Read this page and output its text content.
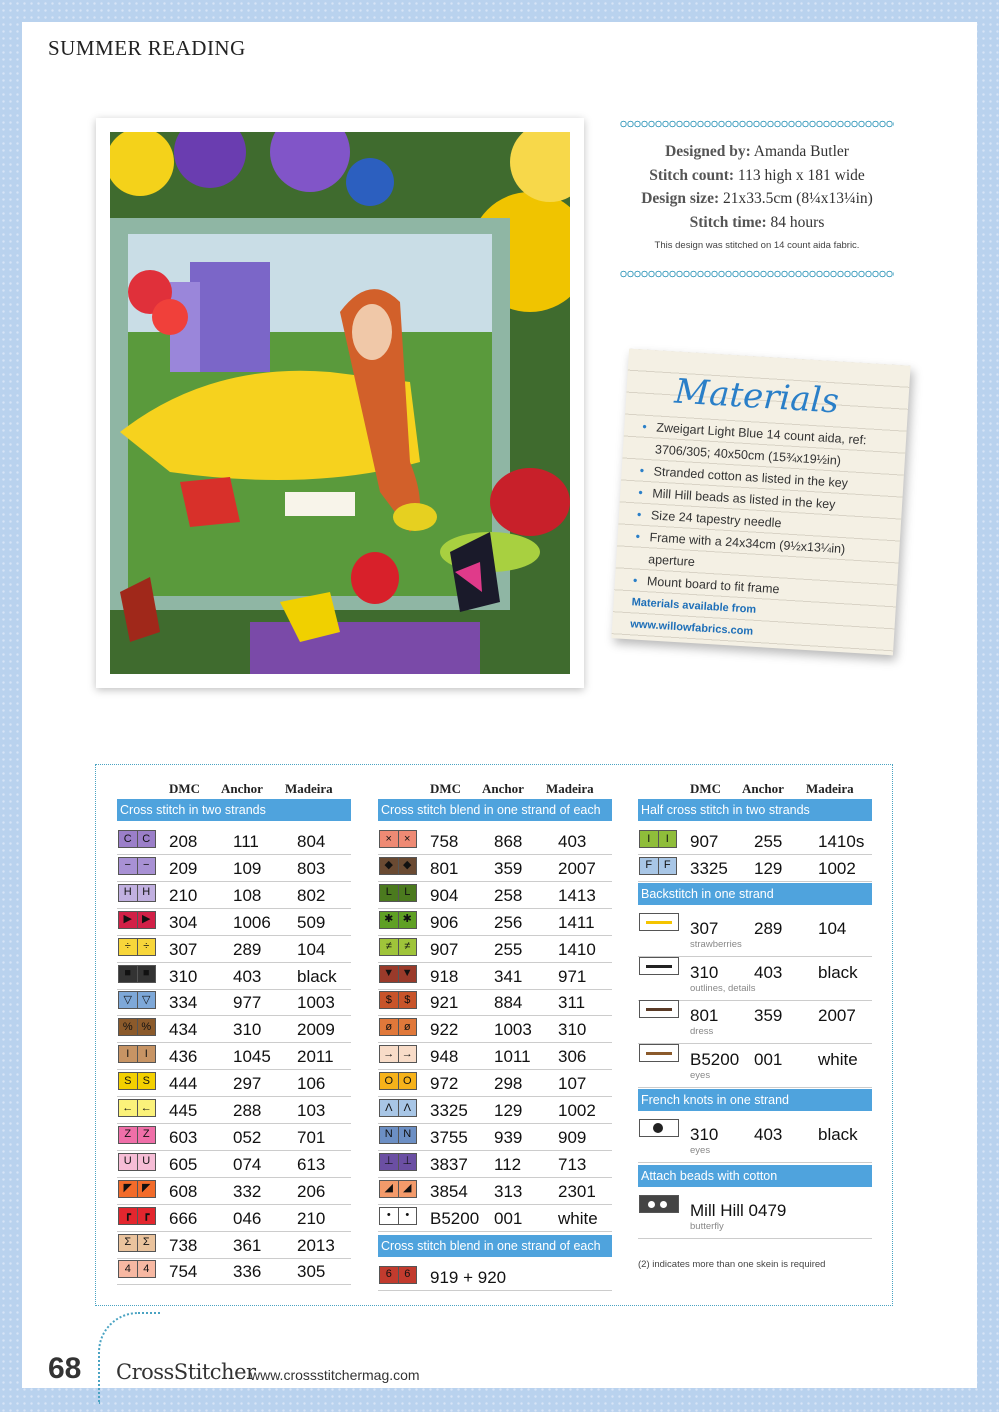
SUMMER READING
Designed by: Amanda Butler
Stitch count: 113 high x 181 wide
Design size: 21x33.5cm (8¼x13¼in)
Stitch time: 84 hours
This design was stitched on 14 count aida fabric.
Materials
• Zweigart Light Blue 14 count aida, ref: 3706/305; 40x50cm (15¾x19½in)
• Stranded cotton as listed in the key
• Mill Hill beads as listed in the key
• Size 24 tapestry needle
• Frame with a 24x34cm (9½x13¼in) aperture
• Mount board to fit frame
Materials available from www.willowfabrics.com
DMC Anchor Madeira
Cross stitch in two strands
C C 208 111 804
−	−	209 109 803
H H 210 108 802
▶ ▶ 304 1006 509
÷	÷	307 289 104
■	■	310 403 black
▽ ▽ 334 977 1003
% % 434 310 2009
I	I	436 1045 2011
S	S 444 297 106
← ← 445 288 103
Z	Z	603 052 701
U U 605 074 613
◤ ◤ 608 332 206
┏	┏	666 046 210
Σ	Σ	738 361 2013
4	4	754 336 305
DMC Anchor Madeira
Cross stitch blend in one strand of each
×	×	758 868 403
◆ ◆ 801 359 2007
L	L	904 258 1413
✱ ✱ 906 256 1411
≠	≠	907 255 1410
▼ ▼ 918 341 971
$	$	921 884 311
ø	ø	922 1003 310
→ → 948 1011 306
O O 972 298 107
Λ	Λ 3325 129 1002
N N 3755 939 909
⊥ ⊥ 3837 112 713
◢ ◢ 3854 313 2301
•	•	B5200 001 white
Cross stitch blend in one strand of each
6	6	919 + 920
DMC Anchor Madeira
Half cross stitch in two strands
I	I	907 255 1410s
F	F	3325 129 1002
Backstitch in one strand
307 289 104
strawberries
310 403 black
outlines, details
801 359 2007
dress
B5200 001 white
eyes
French knots in one strand
310 403 black
eyes
Attach beads with cotton
Mill Hill 0479
butterfly
(2) indicates more than one skein is required
68 CrossStitcher
www.crossstitchermag.com
